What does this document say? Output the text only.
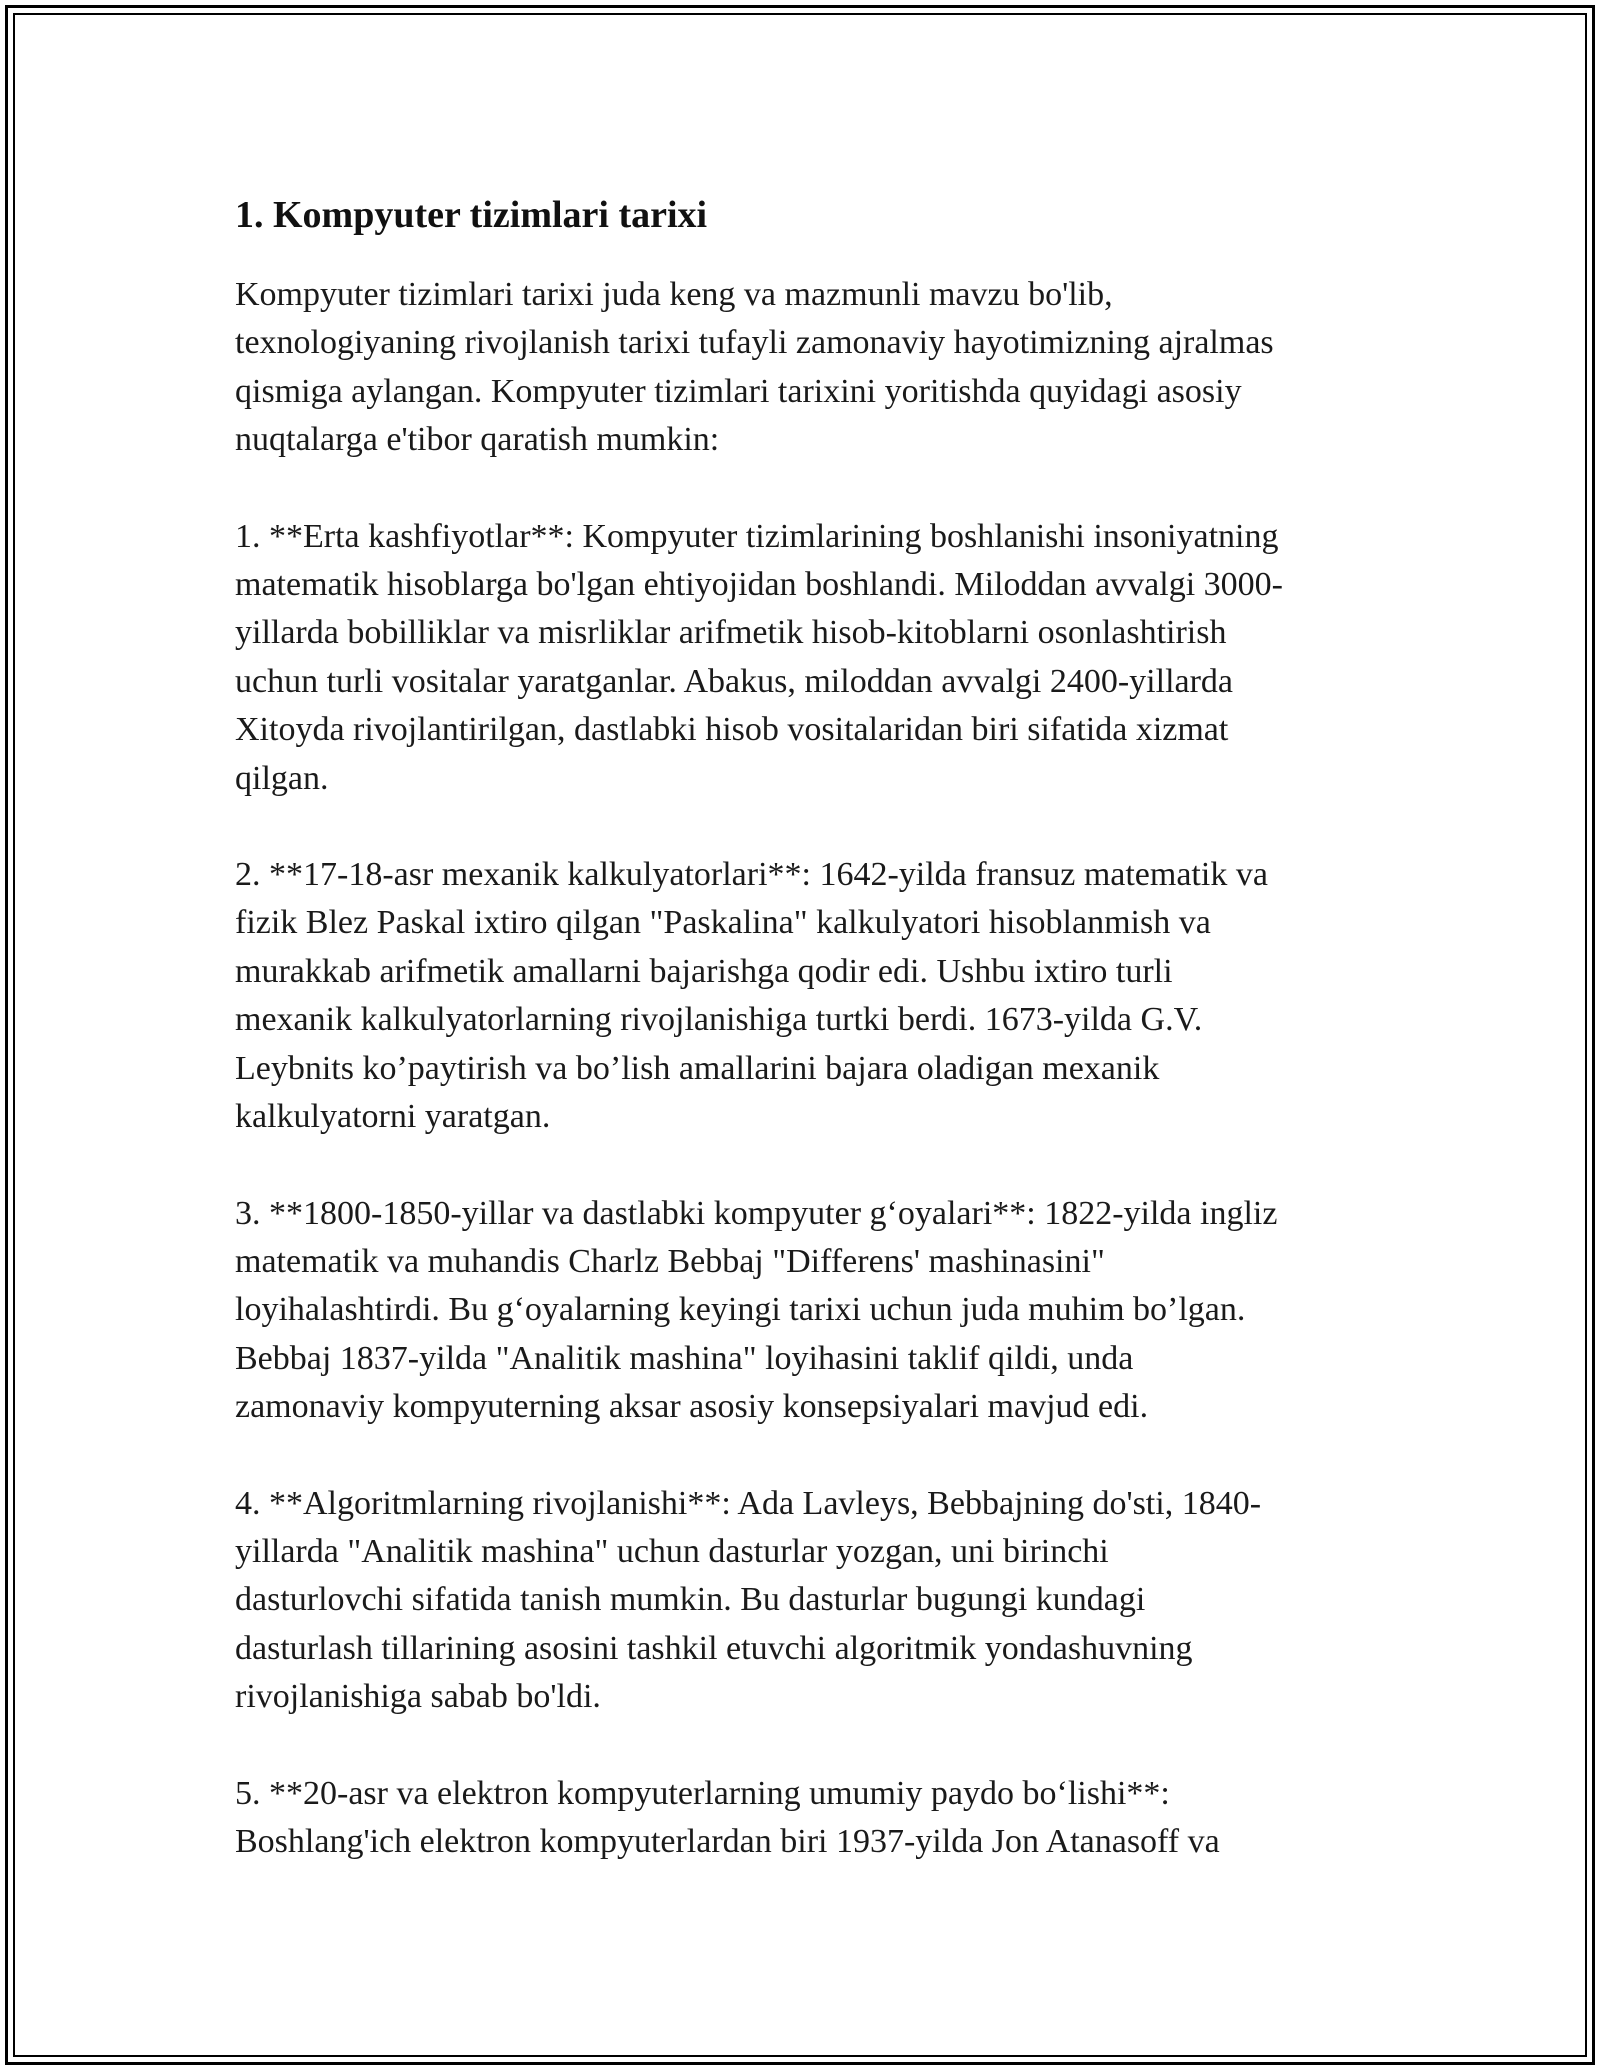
1. Kompyuter tizimlari tarixi

Kompyuter tizimlari tarixi juda keng va mazmunli mavzu bo'lib,
texnologiyaning rivojlanish tarixi tufayli zamonaviy hayotimizning ajralmas
qismiga aylangan. Kompyuter tizimlari tarixini yoritishda quyidagi asosiy
nuqtalarga e'tibor qaratish mumkin:

1. **Erta kashfiyotlar**: Kompyuter tizimlarining boshlanishi insoniyatning
matematik hisoblarga bo'lgan ehtiyojidan boshlandi. Miloddan avvalgi 3000-
yillarda bobilliklar va misrliklar arifmetik hisob-kitoblarni osonlashtirish
uchun turli vositalar yaratganlar. Abakus, miloddan avvalgi 2400-yillarda
Xitoyda rivojlantirilgan, dastlabki hisob vositalaridan biri sifatida xizmat
qilgan.

2. **17-18-asr mexanik kalkulyatorlari**: 1642-yilda fransuz matematik va
fizik Blez Paskal ixtiro qilgan "Paskalina" kalkulyatori hisoblanmish va
murakkab arifmetik amallarni bajarishga qodir edi. Ushbu ixtiro turli
mexanik kalkulyatorlarning rivojlanishiga turtki berdi. 1673-yilda G.V.
Leybnits ko’paytirish va bo’lish amallarini bajara oladigan mexanik
kalkulyatorni yaratgan.

3. **1800-1850-yillar va dastlabki kompyuter g‘oyalari**: 1822-yilda ingliz
matematik va muhandis Charlz Bebbaj "Differens' mashinasini"
loyihalashtirdi. Bu g‘oyalarning keyingi tarixi uchun juda muhim bo’lgan.
Bebbaj 1837-yilda "Analitik mashina" loyihasini taklif qildi, unda
zamonaviy kompyuterning aksar asosiy konsepsiyalari mavjud edi.

4. **Algoritmlarning rivojlanishi**: Ada Lavleys, Bebbajning do'sti, 1840-
yillarda "Analitik mashina" uchun dasturlar yozgan, uni birinchi
dasturlovchi sifatida tanish mumkin. Bu dasturlar bugungi kundagi
dasturlash tillarining asosini tashkil etuvchi algoritmik yondashuvning
rivojlanishiga sabab bo'ldi.

5. **20-asr va elektron kompyuterlarning umumiy paydo bo‘lishi**:
Boshlang'ich elektron kompyuterlardan biri 1937-yilda Jon Atanasoff va
